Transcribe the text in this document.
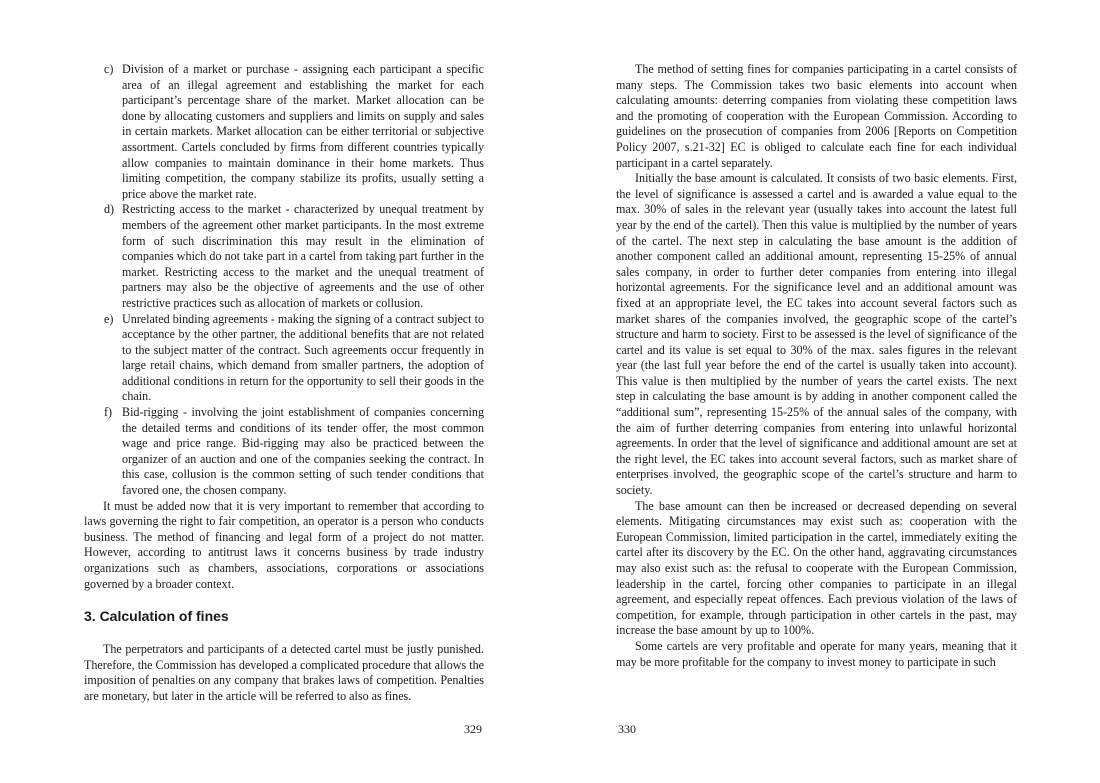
c) Division of a market or purchase - assigning each participant a specific area of an illegal agreement and establishing the market for each participant’s percentage share of the market. Market allocation can be done by allocating customers and suppliers and limits on supply and sales in certain markets. Market allocation can be either territorial or subjective assortment. Cartels concluded by firms from different countries typically allow companies to maintain dominance in their home markets. Thus limiting competition, the company stabilize its profits, usually setting a price above the market rate.
d) Restricting access to the market - characterized by unequal treatment by members of the agreement other market participants. In the most extreme form of such discrimination this may result in the elimination of companies which do not take part in a cartel from taking part further in the market. Restricting access to the market and the unequal treatment of partners may also be the objective of agreements and the use of other restrictive practices such as allocation of markets or collusion.
e) Unrelated binding agreements - making the signing of a contract subject to acceptance by the other partner, the additional benefits that are not related to the subject matter of the contract. Such agreements occur frequently in large retail chains, which demand from smaller partners, the adoption of additional conditions in return for the opportunity to sell their goods in the chain.
f) Bid-rigging - involving the joint establishment of companies concerning the detailed terms and conditions of its tender offer, the most common wage and price range. Bid-rigging may also be practiced between the organizer of an auction and one of the companies seeking the contract. In this case, collusion is the common setting of such tender conditions that favored one, the chosen company.

It must be added now that it is very important to remember that according to laws governing the right to fair competition, an operator is a person who conducts business. The method of financing and legal form of a project do not matter. However, according to antitrust laws it concerns business by trade industry organizations such as chambers, associations, corporations or associations governed by a broader context.

3. Calculation of fines

The perpetrators and participants of a detected cartel must be justly punished. Therefore, the Commission has developed a complicated procedure that allows the imposition of penalties on any company that brakes laws of competition. Penalties are monetary, but later in the article will be referred to also as fines.

329

The method of setting fines for companies participating in a cartel consists of many steps. The Commission takes two basic elements into account when calculating amounts: deterring companies from violating these competition laws and the promoting of cooperation with the European Commission. According to guidelines on the prosecution of companies from 2006 [Reports on Competition Policy 2007, s.21-32] EC is obliged to calculate each fine for each individual participant in a cartel separately.

Initially the base amount is calculated. It consists of two basic elements. First, the level of significance is assessed a cartel and is awarded a value equal to the max. 30% of sales in the relevant year (usually takes into account the latest full year by the end of the cartel). Then this value is multiplied by the number of years of the cartel. The next step in calculating the base amount is the addition of another component called an additional amount, representing 15-25% of annual sales company, in order to further deter companies from entering into illegal horizontal agreements. For the significance level and an additional amount was fixed at an appropriate level, the EC takes into account several factors such as market shares of the companies involved, the geographic scope of the cartel’s structure and harm to society. First to be assessed is the level of significance of the cartel and its value is set equal to 30% of the max. sales figures in the relevant year (the last full year before the end of the cartel is usually taken into account). This value is then multiplied by the number of years the cartel exists. The next step in calculating the base amount is by adding in another component called the “additional sum”, representing 15-25% of the annual sales of the company, with the aim of further deterring companies from entering into unlawful horizontal agreements. In order that the level of significance and additional amount are set at the right level, the EC takes into account several factors, such as market share of enterprises involved, the geographic scope of the cartel’s structure and harm to society.

The base amount can then be increased or decreased depending on several elements. Mitigating circumstances may exist such as: cooperation with the European Commission, limited participation in the cartel, immediately exiting the cartel after its discovery by the EC. On the other hand, aggravating circumstances may also exist such as: the refusal to cooperate with the European Commission, leadership in the cartel, forcing other companies to participate in an illegal agreement, and especially repeat offences. Each previous violation of the laws of competition, for example, through participation in other cartels in the past, may increase the base amount by up to 100%.

Some cartels are very profitable and operate for many years, meaning that it may be more profitable for the company to invest money to participate in such

330
